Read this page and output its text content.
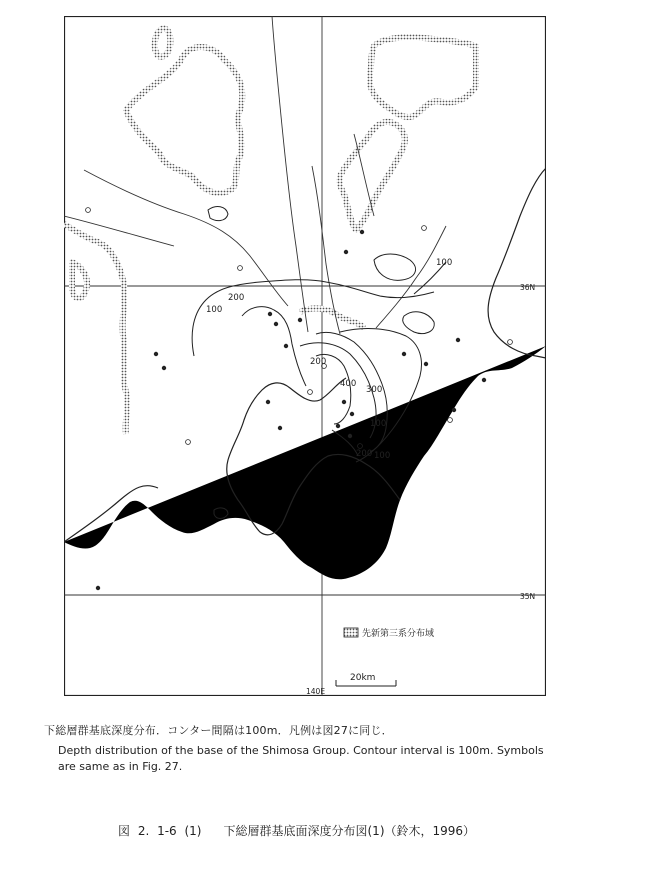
100
200
100
200
300
400
100
200 100
36N
35N
140E
先新第三系分布域
20km

下総層群基底深度分布．コンター間隔は100m．凡例は図27に同じ．

Depth distribution of the base of the Shimosa Group. Contour interval is 100m. Symbols

are same as in Fig. 27.

図 2. 1-6 (1) 下総層群基底面深度分布図(1)（鈴木，1996）
